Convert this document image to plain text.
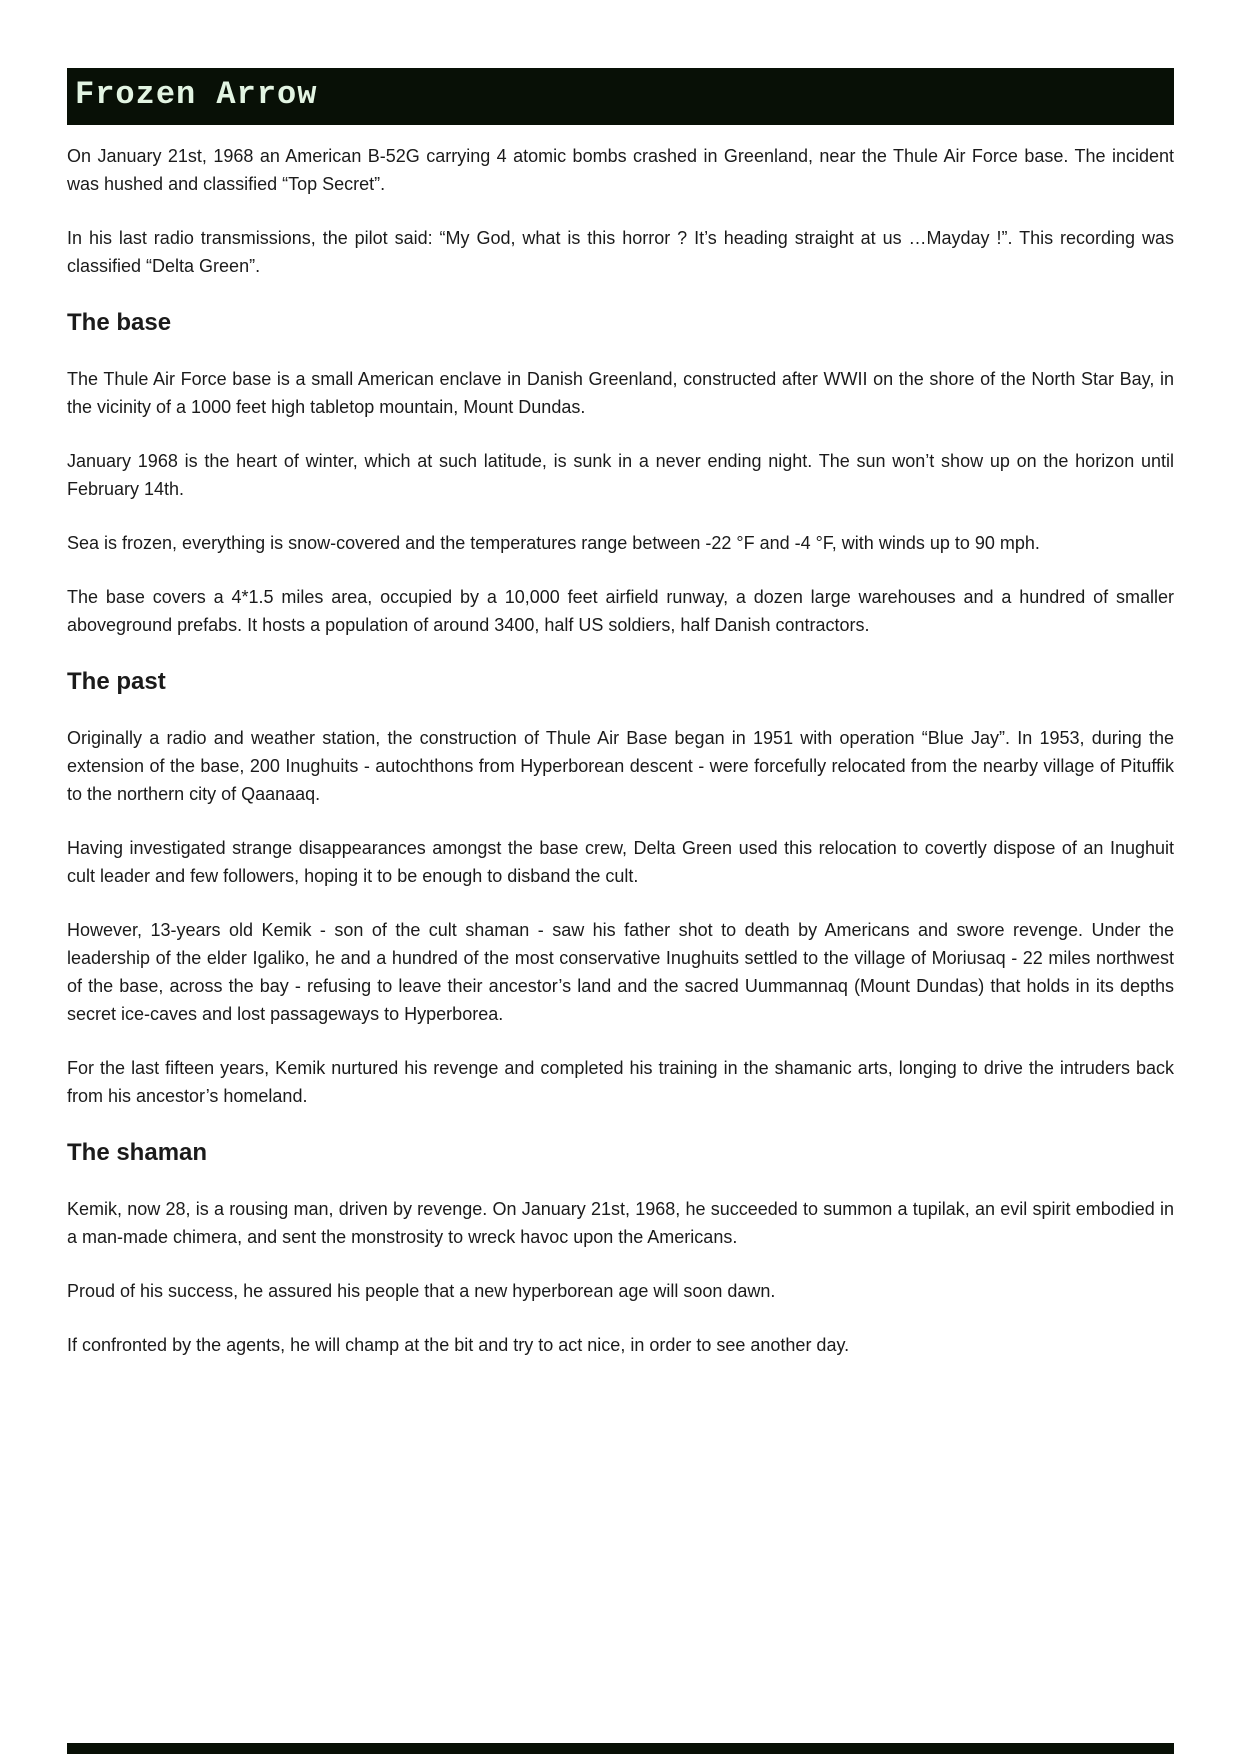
Frozen Arrow

On January 21st, 1968 an American B-52G carrying 4 atomic bombs crashed in Greenland, near the Thule Air Force base. The incident was hushed and classified “Top Secret”.

In his last radio transmissions, the pilot said: “My God, what is this horror ? It’s heading straight at us …Mayday !”. This recording was classified “Delta Green”.

The base

The Thule Air Force base is a small American enclave in Danish Greenland, constructed after WWII on the shore of the North Star Bay, in the vicinity of a 1000 feet high tabletop mountain, Mount Dundas.

January 1968 is the heart of winter, which at such latitude, is sunk in a never ending night. The sun won’t show up on the horizon until February 14th.

Sea is frozen, everything is snow-covered and the temperatures range between -22 °F and -4 °F, with winds up to 90 mph.

The base covers a 4*1.5 miles area, occupied by a 10,000 feet airfield runway, a dozen large warehouses and a hundred of smaller aboveground prefabs. It hosts a population of around 3400, half US soldiers, half Danish contractors.

The past

Originally a radio and weather station, the construction of Thule Air Base began in 1951 with operation “Blue Jay”. In 1953, during the extension of the base, 200 Inughuits - autochthons from Hyperborean descent - were forcefully relocated from the nearby village of Pituffik to the northern city of Qaanaaq.

Having investigated strange disappearances amongst the base crew, Delta Green used this relocation to covertly dispose of an Inughuit cult leader and few followers, hoping it to be enough to disband the cult.

However, 13-years old Kemik - son of the cult shaman - saw his father shot to death by Americans and swore revenge. Under the leadership of the elder Igaliko, he and a hundred of the most conservative Inughuits settled to the village of Moriusaq - 22 miles northwest of the base, across the bay - refusing to leave their ancestor’s land and the sacred Uummannaq (Mount Dundas) that holds in its depths secret ice-caves and lost passageways to Hyperborea.

For the last fifteen years, Kemik nurtured his revenge and completed his training in the shamanic arts, longing to drive the intruders back from his ancestor’s homeland.

The shaman

Kemik, now 28, is a rousing man, driven by revenge. On January 21st, 1968, he succeeded to summon a tupilak, an evil spirit embodied in a man-made chimera, and sent the monstrosity to wreck havoc upon the Americans.

Proud of his success, he assured his people that a new hyperborean age will soon dawn.

If confronted by the agents, he will champ at the bit and try to act nice, in order to see another day.
